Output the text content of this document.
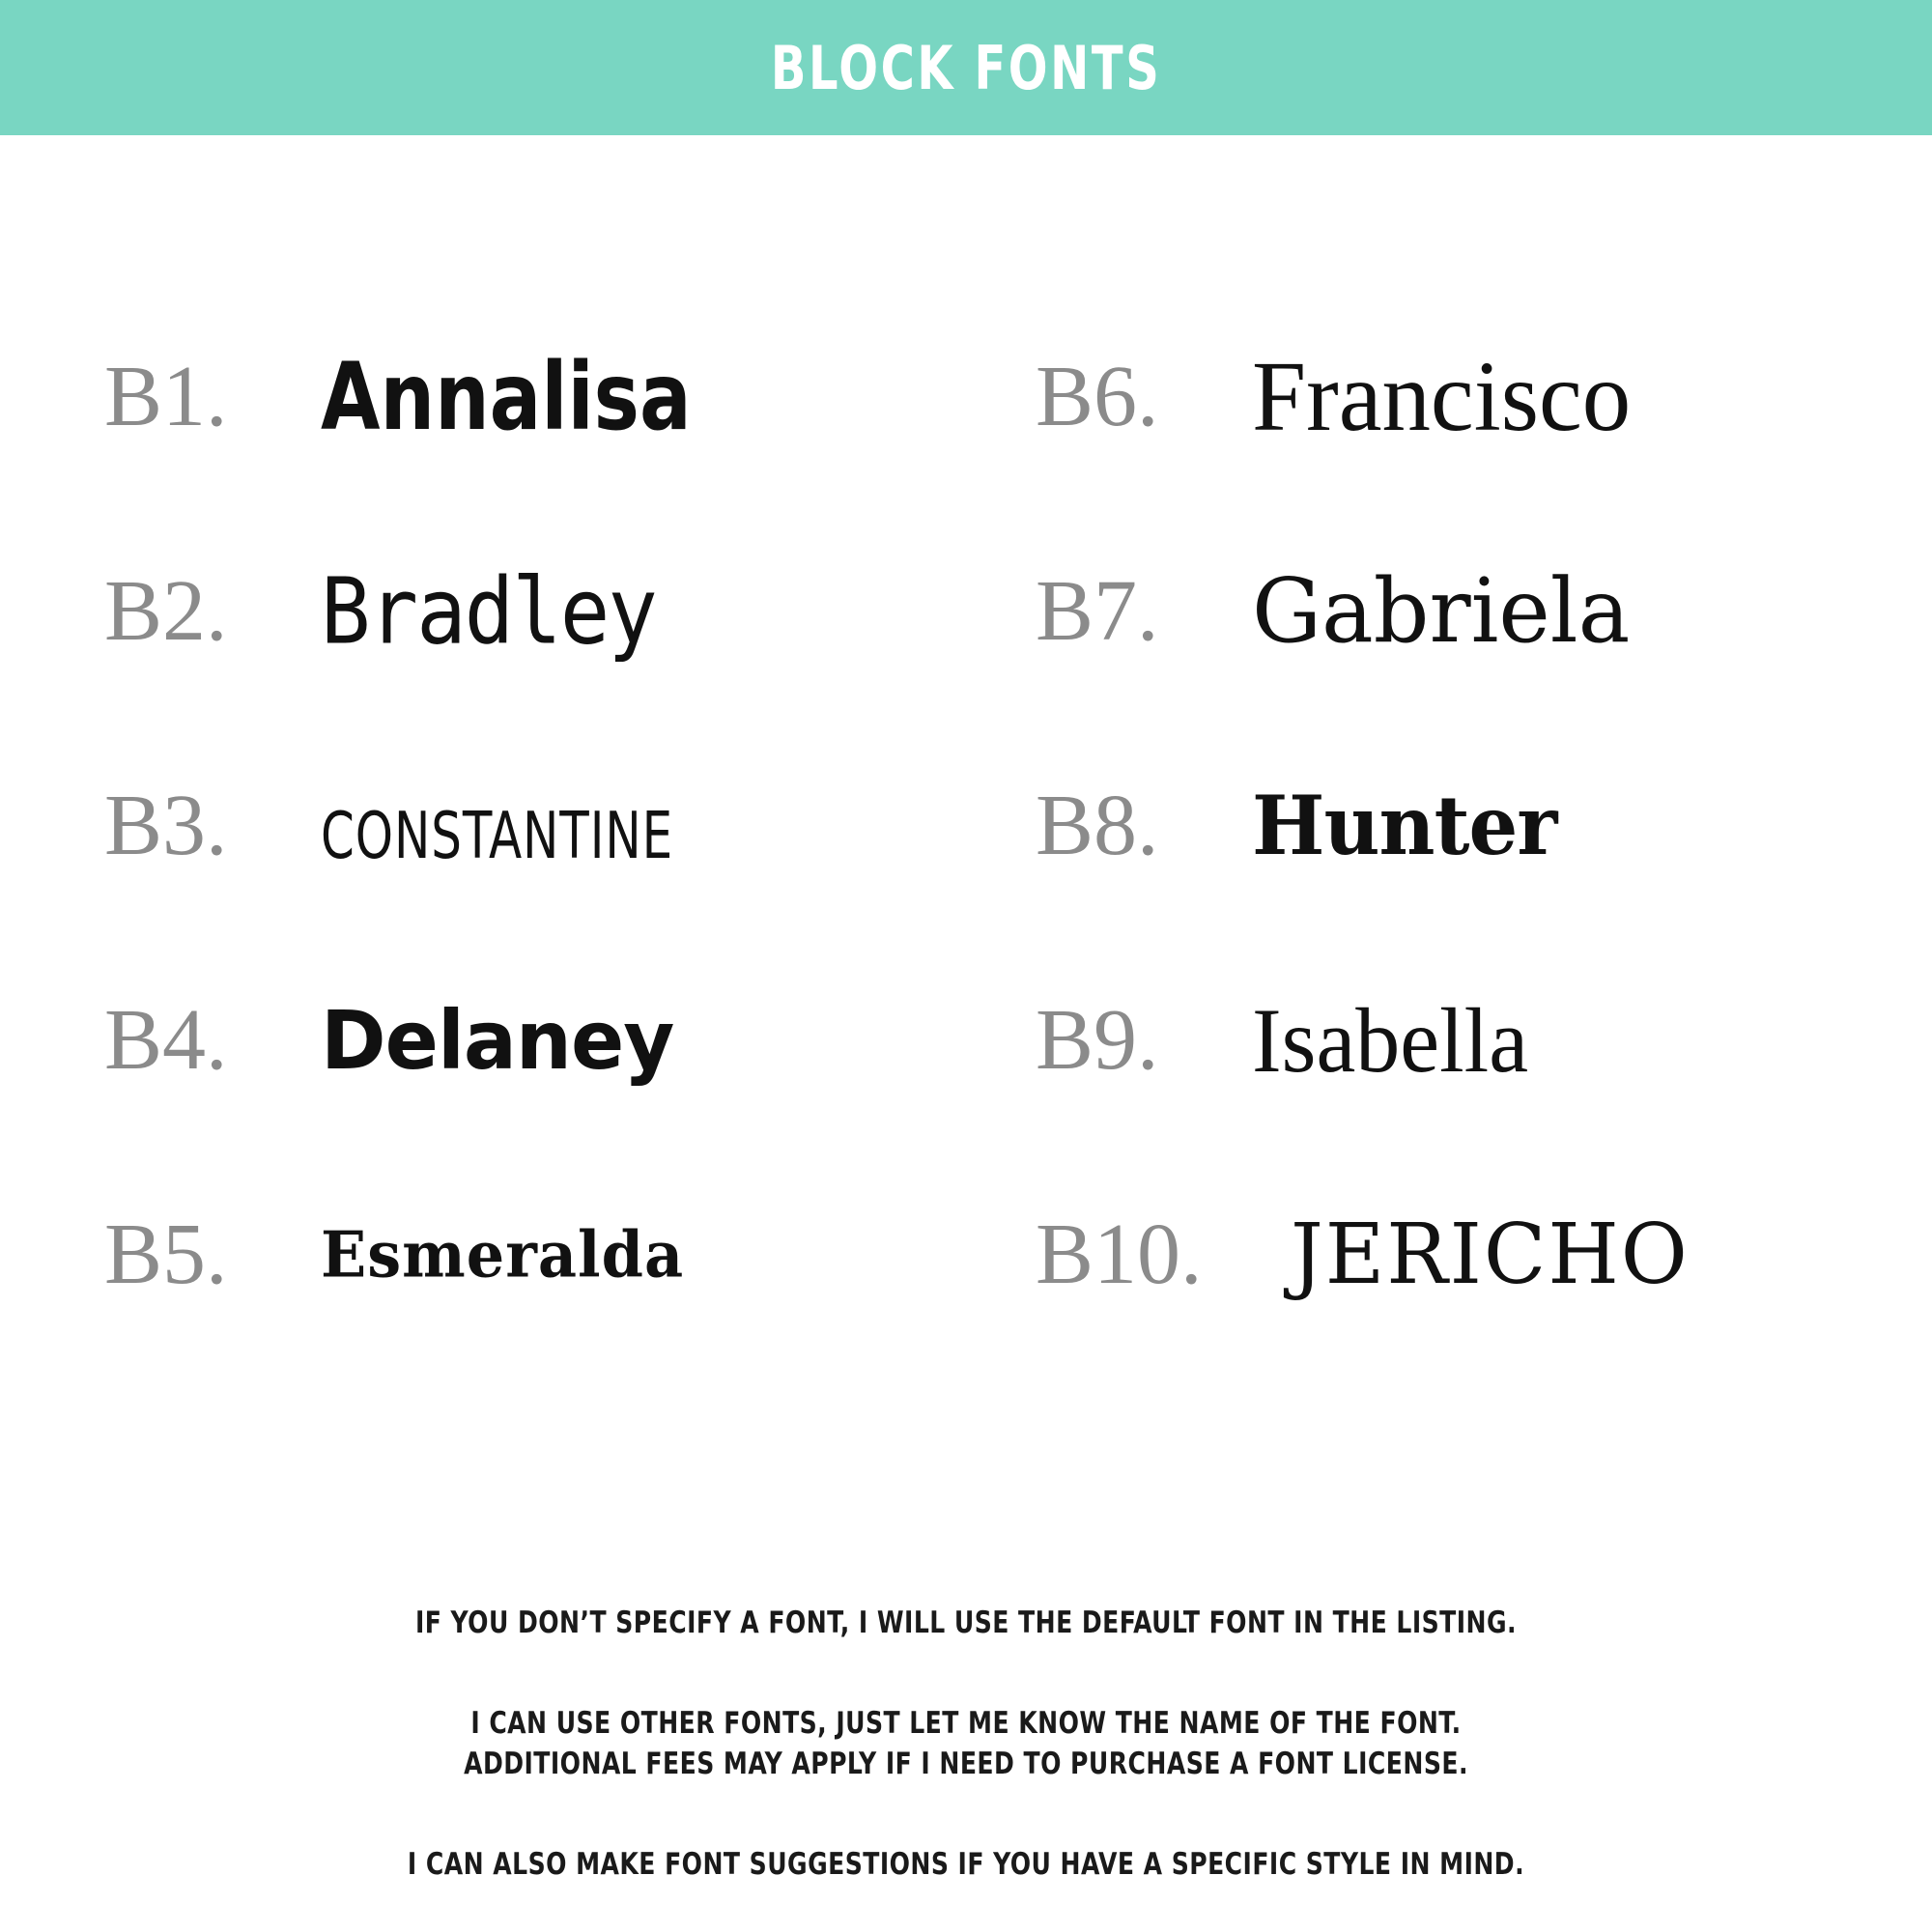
BLOCK FONTS
B1.	Annalisa	B6. Francisco
B2.	Bradley	B7.	Gabriela
B3.	constantine	B8.	Hunter
B4.	Delaney	B9.	Isabella
B5.	Esmeralda	B10.	JERICHO

IF YOU DON’T SPECIFY A FONT, I WILL USE THE DEFAULT FONT IN THE LISTING.

I CAN USE OTHER FONTS, JUST LET ME KNOW THE NAME OF THE FONT.

ADDITIONAL FEES MAY APPLY IF I NEED TO PURCHASE A FONT LICENSE.

I CAN ALSO MAKE FONT SUGGESTIONS IF YOU HAVE A SPECIFIC STYLE IN MIND.
